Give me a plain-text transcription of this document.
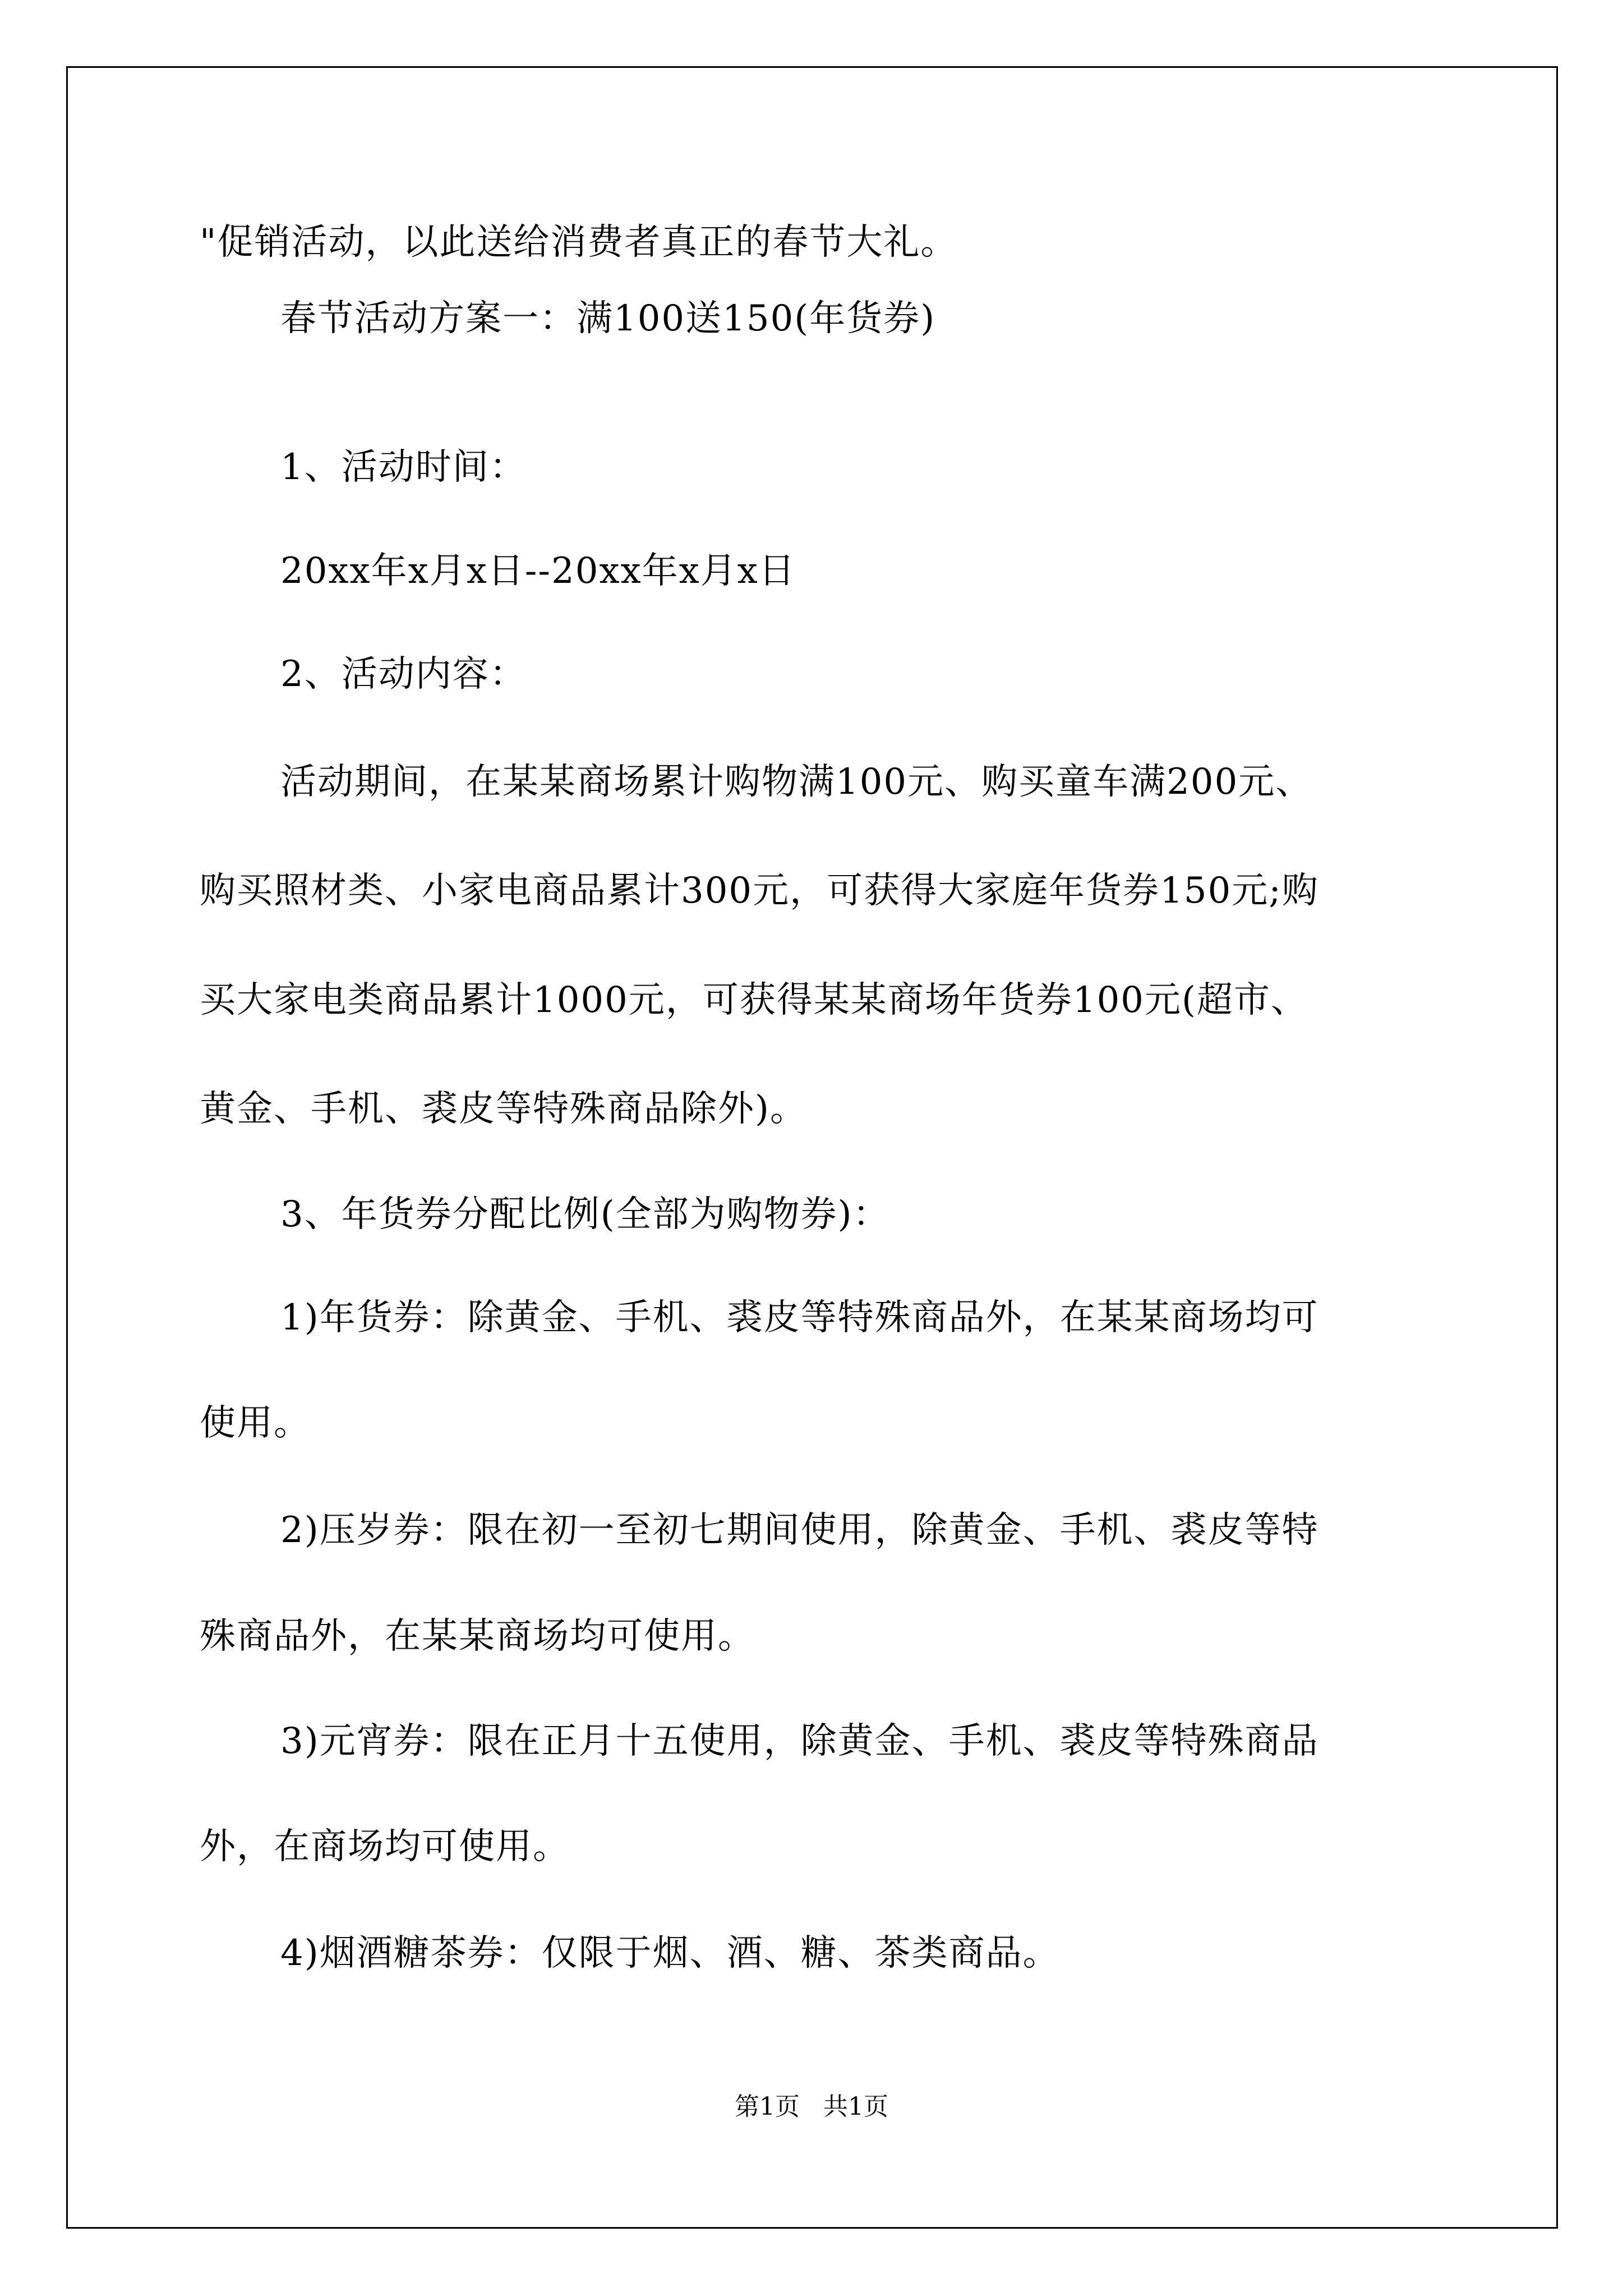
"促销活动，以此送给消费者真正的春节大礼。
春节活动方案一：满100送150(年货券)
1、活动时间：
20xx年x月x日--20xx年x月x日
2、活动内容：
活动期间，在某某商场累计购物满100元、购买童车满200元、
购买照材类、小家电商品累计300元，可获得大家庭年货券150元;购
买大家电类商品累计1000元，可获得某某商场年货券100元(超市、
黄金、手机、裘皮等特殊商品除外)。
3、年货券分配比例(全部为购物券)：
1)年货券：除黄金、手机、裘皮等特殊商品外，在某某商场均可
使用。
2)压岁券：限在初一至初七期间使用，除黄金、手机、裘皮等特
殊商品外，在某某商场均可使用。
3)元宵券：限在正月十五使用，除黄金、手机、裘皮等特殊商品
外，在商场均可使用。
4)烟酒糖茶券：仅限于烟、酒、糖、茶类商品。
第1页   共1页
